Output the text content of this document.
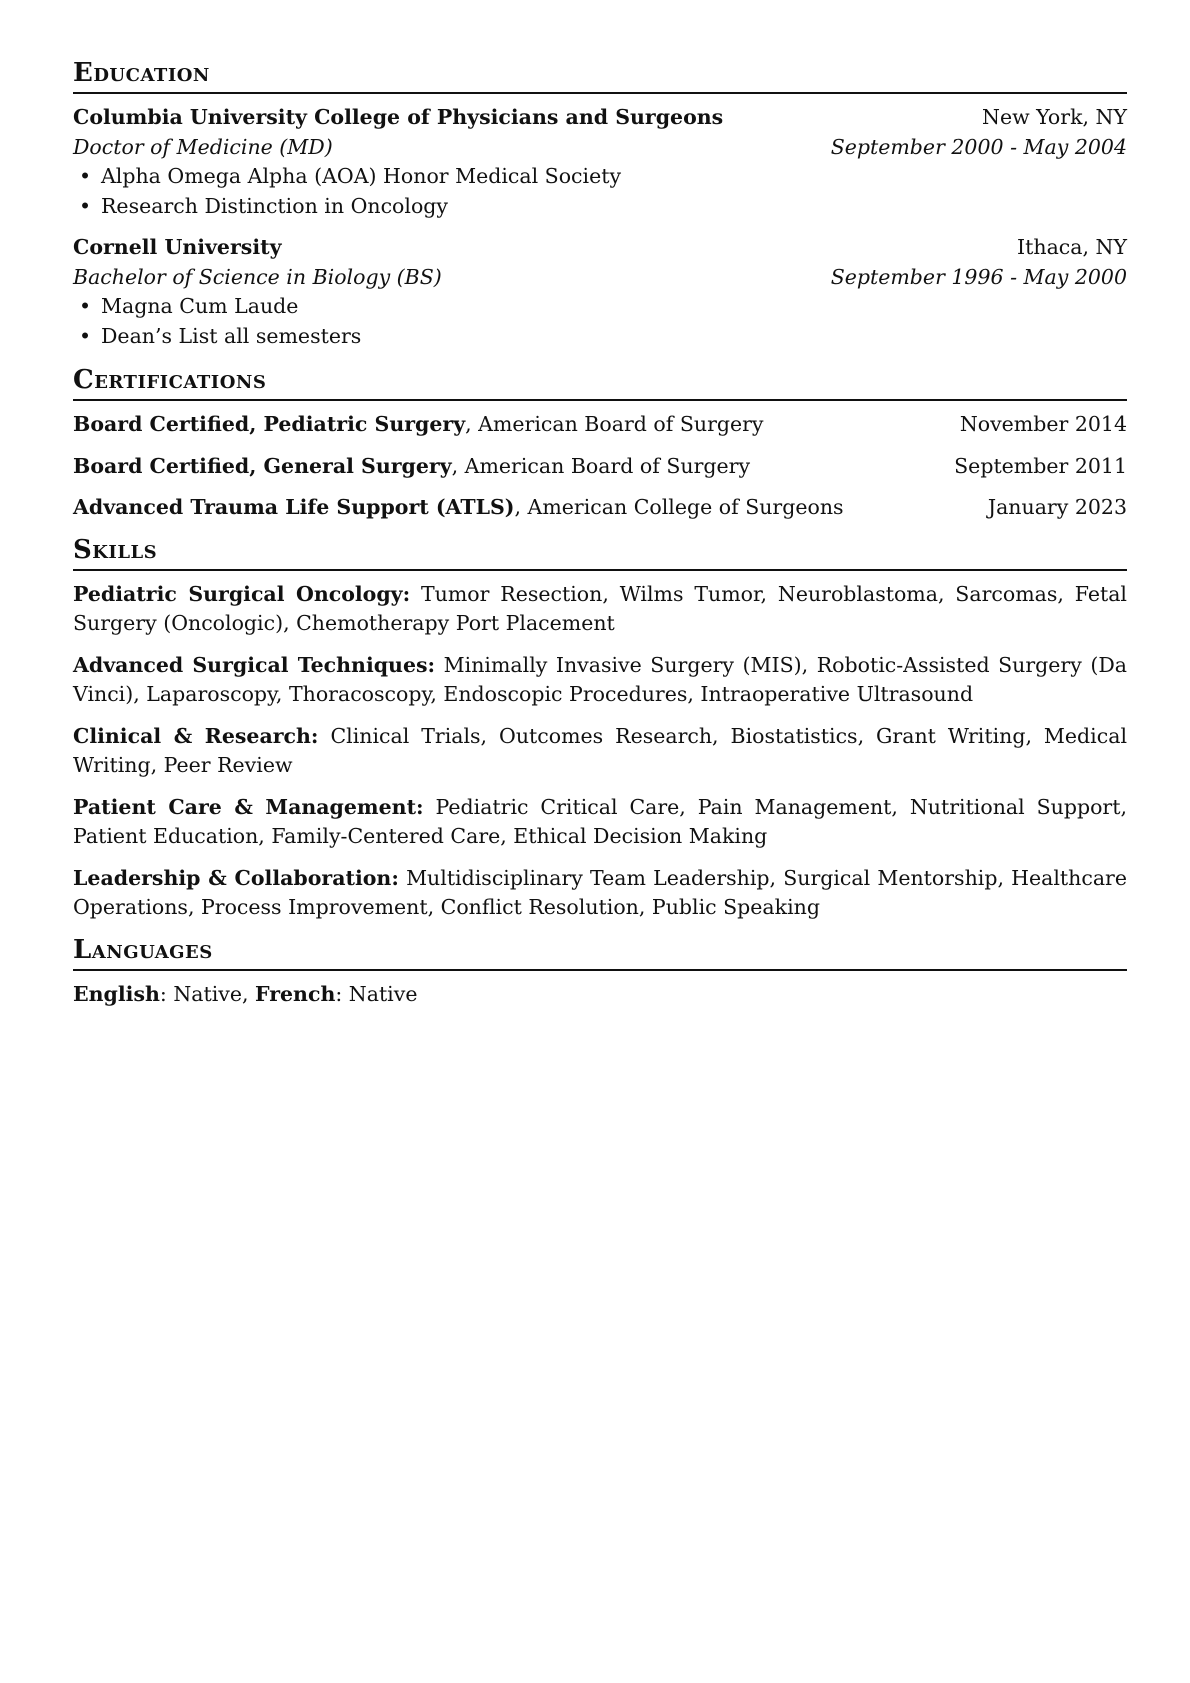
Education
Columbia University College of Physicians and Surgeons	New York, NY
Doctor of Medicine (MD)	September 2000 - May 2004
• Alpha Omega Alpha (AOA) Honor Medical Society
• Research Distinction in Oncology
Cornell University	Ithaca, NY
Bachelor of Science in Biology (BS)	September 1996 - May 2000
• Magna Cum Laude
• Dean’s List all semesters
Certifications
Board Certified, Pediatric Surgery, American Board of Surgery	November 2014
Board Certified, General Surgery, American Board of Surgery	September 2011
Advanced Trauma Life Support (ATLS), American College of Surgeons	January 2023
Skills
Pediatric Surgical Oncology: Tumor Resection, Wilms Tumor, Neuroblastoma, Sarcomas, Fetal Surgery (Oncologic), Chemotherapy Port Placement
Advanced Surgical Techniques: Minimally Invasive Surgery (MIS), Robotic-Assisted Surgery (Da Vinci), Laparoscopy, Thoracoscopy, Endoscopic Procedures, Intraoperative Ultrasound
Clinical & Research: Clinical Trials, Outcomes Research, Biostatistics, Grant Writing, Medical Writing, Peer Review
Patient Care & Management: Pediatric Critical Care, Pain Management, Nutritional Support, Patient Education, Family-Centered Care, Ethical Decision Making
Leadership & Collaboration: Multidisciplinary Team Leadership, Surgical Mentorship, Healthcare Operations, Process Improvement, Conflict Resolution, Public Speaking
Languages
English: Native, French: Native
